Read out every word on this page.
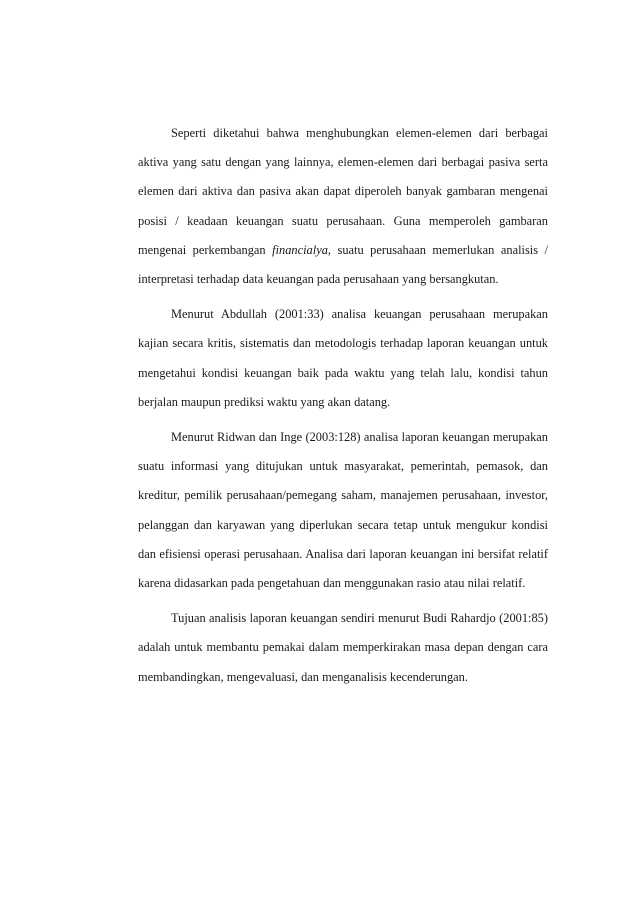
Seperti diketahui bahwa menghubungkan elemen-elemen dari berbagai aktiva yang satu dengan yang lainnya, elemen-elemen dari berbagai pasiva serta elemen dari aktiva dan pasiva akan dapat diperoleh banyak gambaran mengenai posisi / keadaan keuangan suatu perusahaan. Guna memperoleh gambaran mengenai perkembangan financialya, suatu perusahaan memerlukan analisis / interpretasi terhadap data keuangan pada perusahaan yang bersangkutan.

Menurut Abdullah (2001:33) analisa keuangan perusahaan merupakan kajian secara kritis, sistematis dan metodologis terhadap laporan keuangan untuk mengetahui kondisi keuangan baik pada waktu yang telah lalu, kondisi tahun berjalan maupun prediksi waktu yang akan datang.

Menurut Ridwan dan Inge (2003:128) analisa laporan keuangan merupakan suatu informasi yang ditujukan untuk masyarakat, pemerintah, pemasok, dan kreditur, pemilik perusahaan/pemegang saham, manajemen perusahaan, investor, pelanggan dan karyawan yang diperlukan secara tetap untuk mengukur kondisi dan efisiensi operasi perusahaan. Analisa dari laporan keuangan ini bersifat relatif karena didasarkan pada pengetahuan dan menggunakan rasio atau nilai relatif.

Tujuan analisis laporan keuangan sendiri menurut Budi Rahardjo (2001:85) adalah untuk membantu pemakai dalam memperkirakan masa depan dengan cara membandingkan, mengevaluasi, dan menganalisis kecenderungan.
